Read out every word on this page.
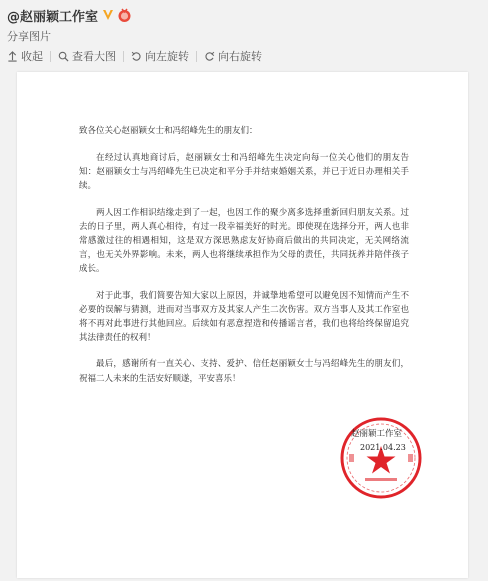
@赵丽颖工作室
分享图片
收起	查看大图	向左旋转	向右旋转

致各位关心赵丽颖女士和冯绍峰先生的朋友们：

在经过认真地商讨后，赵丽颖女士和冯绍峰先生决定向每一位关心他们的朋友告知：赵丽颖女士与冯绍峰先生已决定和平分手并结束婚姻关系，并已于近日办理相关手续。

两人因工作相识结缘走到了一起，也因工作的聚少离多选择重新回归朋友关系。过去的日子里，两人真心相待，有过一段幸福美好的时光。即使现在选择分开，两人也非常感激过往的相遇相知，这是双方深思熟虑友好协商后做出的共同决定，无关网络流言，也无关外界影响。未来，两人也将继续承担作为父母的责任，共同抚养并陪伴孩子成长。

对于此事，我们简要告知大家以上原因，并诚挚地希望可以避免因不知情而产生不必要的误解与猜测，进而对当事双方及其家人产生二次伤害。双方当事人及其工作室也将不再对此事进行其他回应。后续如有恶意捏造和传播谣言者，我们也将给终保留追究其法律责任的权利！

最后，感谢所有一直关心、支持、爱护、信任赵丽颖女士与冯绍峰先生的朋友们，祝福二人未来的生活安好顺遂，平安喜乐！

赵丽颖工作室
2021.04.23
